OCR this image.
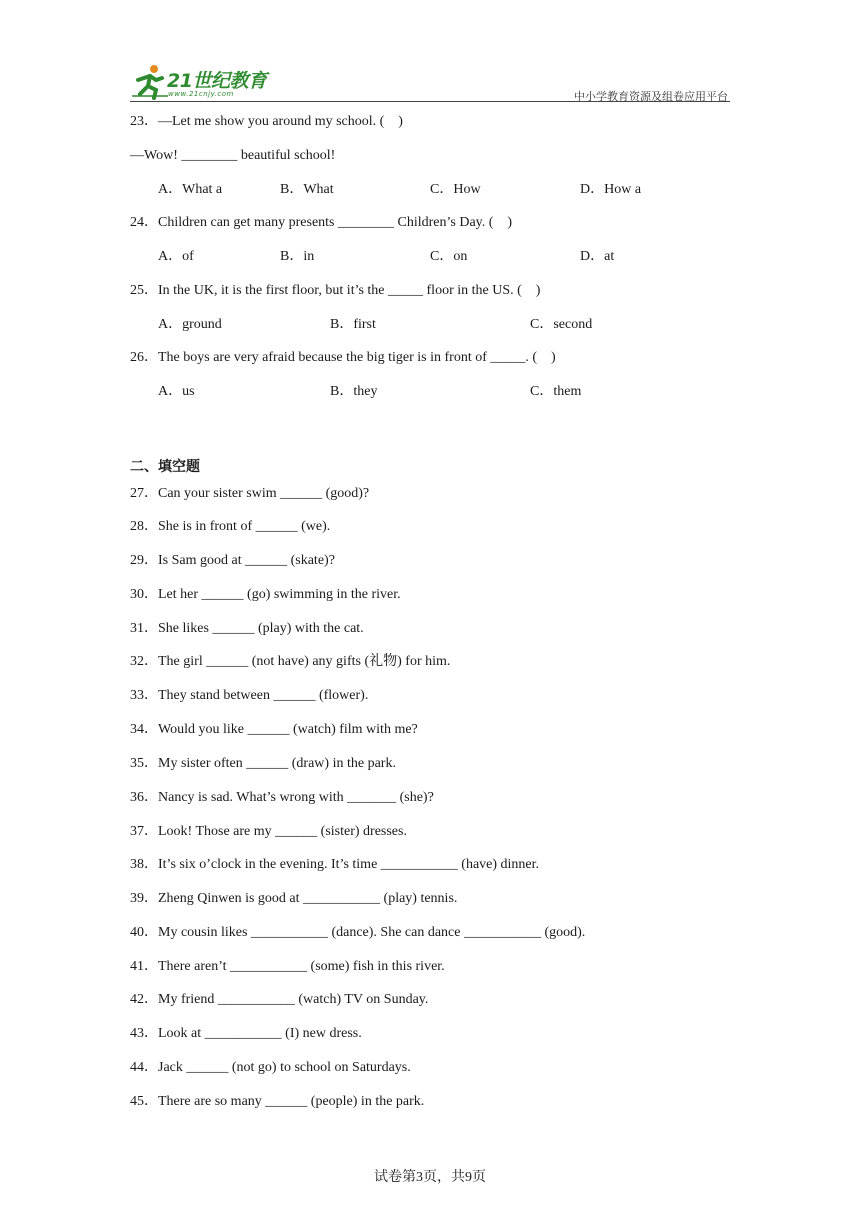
21世纪教育
www.21cnjy.com	中小学教育资源及组卷应用平台
23．—Let me show you around my school. (　)
—Wow! ________ beautiful school!
A．What a	B．What	C．How	D．How a
24．Children can get many presents ________ Children’s Day. (　)
A．of	B．in	C．on	D．at
25．In the UK, it is the first floor, but it’s the _____ floor in the US. (　)
A．ground	B．first	C．second
26．The boys are very afraid because the big tiger is in front of _____. (　)
A．us	B．they	C．them
二、填空题
27．Can your sister swim ______ (good)?
28．She is in front of ______ (we).
29．Is Sam good at ______ (skate)?
30．Let her ______ (go) swimming in the river.
31．She likes ______ (play) with the cat.
32．The girl ______ (not have) any gifts (礼物) for him.
33．They stand between ______ (flower).
34．Would you like ______ (watch) film with me?
35．My sister often ______ (draw) in the park.
36．Nancy is sad. What’s wrong with _______ (she)?
37．Look! Those are my ______ (sister) dresses.
38．It’s six o’clock in the evening. It’s time ___________ (have) dinner.
39．Zheng Qinwen is good at ___________ (play) tennis.
40．My cousin likes ___________ (dance). She can dance ___________ (good).
41．There aren’t ___________ (some) fish in this river.
42．My friend ___________ (watch) TV on Sunday.
43．Look at ___________ (I) new dress.
44．Jack ______ (not go) to school on Saturdays.
45．There are so many ______ (people) in the park.
试卷第3页，共9页
